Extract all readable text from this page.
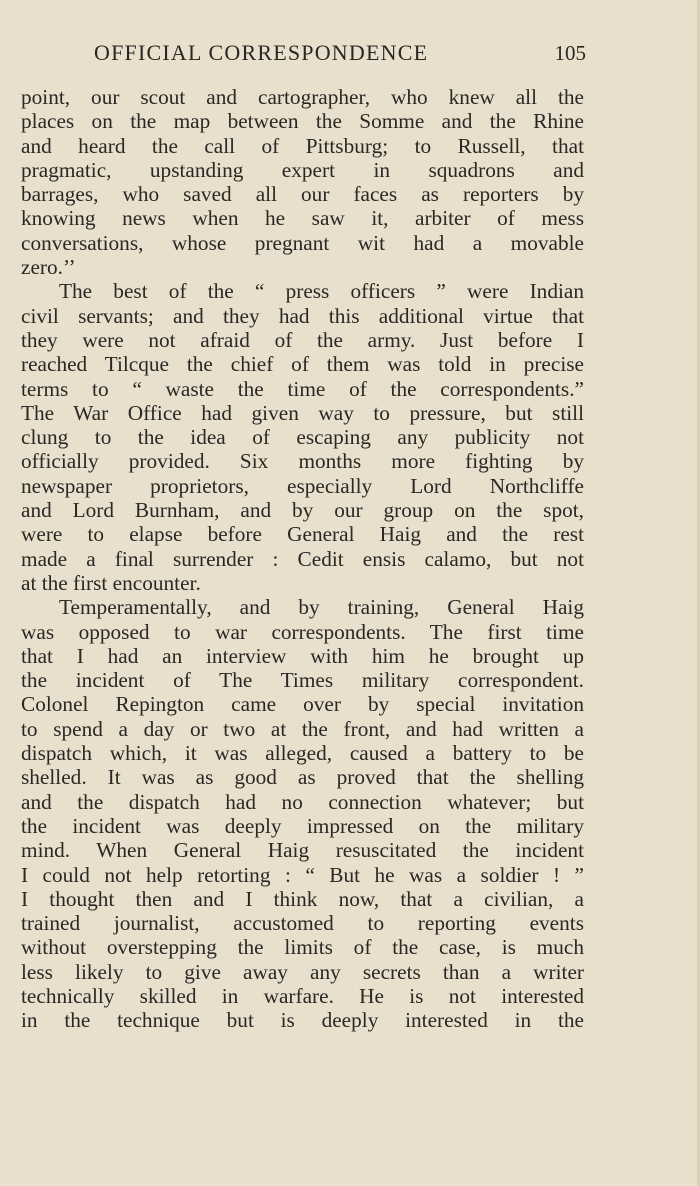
OFFICIAL CORRESPONDENCE	105
point, our scout and cartographer, who knew all the
places on the map between the Somme and the Rhine
and heard the call of Pittsburg; to Russell, that
pragmatic, upstanding expert in squadrons and
barrages, who saved all our faces as reporters by
knowing news when he saw it, arbiter of mess
conversations, whose pregnant wit had a movable
zero.’’
The best of the “ press officers ” were Indian
civil servants; and they had this additional virtue that
they were not afraid of the army. Just before I
reached Tilcque the chief of them was told in precise
terms to “ waste the time of the correspondents.”
The War Office had given way to pressure, but still
clung to the idea of escaping any publicity not
officially provided. Six months more fighting by
newspaper proprietors, especially Lord Northcliffe
and Lord Burnham, and by our group on the spot,
were to elapse before General Haig and the rest
made a final surrender : Cedit ensis calamo, but not
at the first encounter.
Temperamentally, and by training, General Haig
was opposed to war correspondents. The first time
that I had an interview with him he brought up
the incident of The Times military correspondent.
Colonel Repington came over by special invitation
to spend a day or two at the front, and had written a
dispatch which, it was alleged, caused a battery to be
shelled. It was as good as proved that the shelling
and the dispatch had no connection whatever; but
the incident was deeply impressed on the military
mind. When General Haig resuscitated the incident
I could not help retorting : “ But he was a soldier ! ”
I thought then and I think now, that a civilian, a
trained journalist, accustomed to reporting events
without overstepping the limits of the case, is much
less likely to give away any secrets than a writer
technically skilled in warfare. He is not interested
in the technique but is deeply interested in the
